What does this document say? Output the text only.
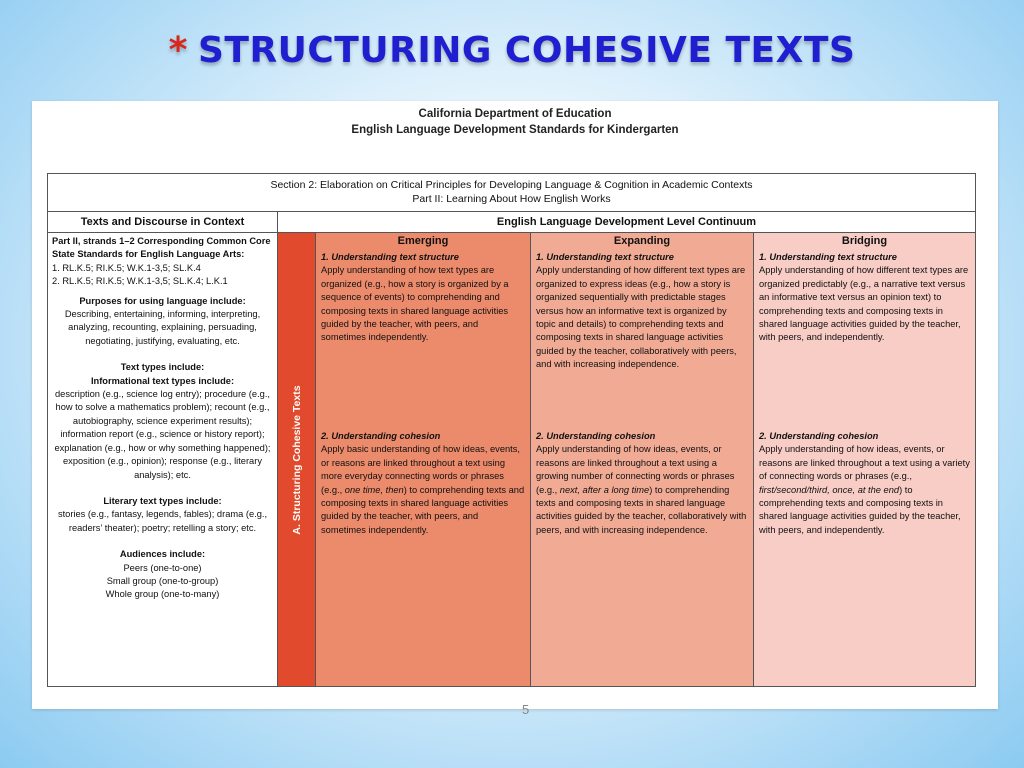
* STRUCTURING COHESIVE TEXTS
California Department of Education
English Language Development Standards for Kindergarten
Section 2: Elaboration on Critical Principles for Developing Language & Cognition in Academic Contexts
Part II: Learning About How English Works
Texts and Discourse in Context	English Language Development Level Continuum

Part II, strands 1–2 Corresponding Common Core State Standards for English Language Arts:

1. RL.K.5; RI.K.5; W.K.1-3,5; SL.K.4
2. RL.K.5; RI.K.5; W.K.1-3,5; SL.K.4; L.K.1

Purposes for using language include:

Describing, entertaining, informing, interpreting, analyzing, recounting, explaining, persuading, negotiating, justifying, evaluating, etc.

Text types include:

Informational text types include:

description (e.g., science log entry); procedure (e.g., how to solve a mathematics problem); recount (e.g., autobiography, science experiment results); information report (e.g., science or history report); explanation (e.g., how or why something happened); exposition (e.g., opinion); response (e.g., literary analysis); etc.

Literary text types include:

stories (e.g., fantasy, legends, fables); drama (e.g., readers’ theater); poetry; retelling a story; etc.

Audiences include:

Peers (one-to-one)

Small group (one-to-group)

Whole group (one-to-many)

A. Structuring Cohesive Texts
Emerging

1. Understanding text structure

Apply understanding of how text types are organized (e.g., how a story is organized by a sequence of events) to comprehending and composing texts in shared language activities guided by the teacher, with peers, and sometimes independently.

2. Understanding cohesion

Apply basic understanding of how ideas, events, or reasons are linked throughout a text using more everyday connecting words or phrases (e.g., one time, then) to comprehending texts and composing texts in shared language activities guided by the teacher, with peers, and sometimes independently.

Expanding

1. Understanding text structure

Apply understanding of how different text types are organized to express ideas (e.g., how a story is organized sequentially with predictable stages versus how an informative text is organized by topic and details) to comprehending texts and composing texts in shared language activities guided by the teacher, collaboratively with peers, and with increasing independence.

2. Understanding cohesion

Apply understanding of how ideas, events, or reasons are linked throughout a text using a growing number of connecting words or phrases (e.g., next, after a long time) to comprehending texts and composing texts in shared language activities guided by the teacher, collaboratively with peers, and with increasing independence.

Bridging

1. Understanding text structure

Apply understanding of how different text types are organized predictably (e.g., a narrative text versus an informative text versus an opinion text) to comprehending texts and composing texts in shared language activities guided by the teacher, with peers, and independently.

2. Understanding cohesion

Apply understanding of how ideas, events, or reasons are linked throughout a text using a variety of connecting words or phrases (e.g., first/second/third, once, at the end) to comprehending texts and composing texts in shared language activities guided by the teacher, with peers, and independently.

5
